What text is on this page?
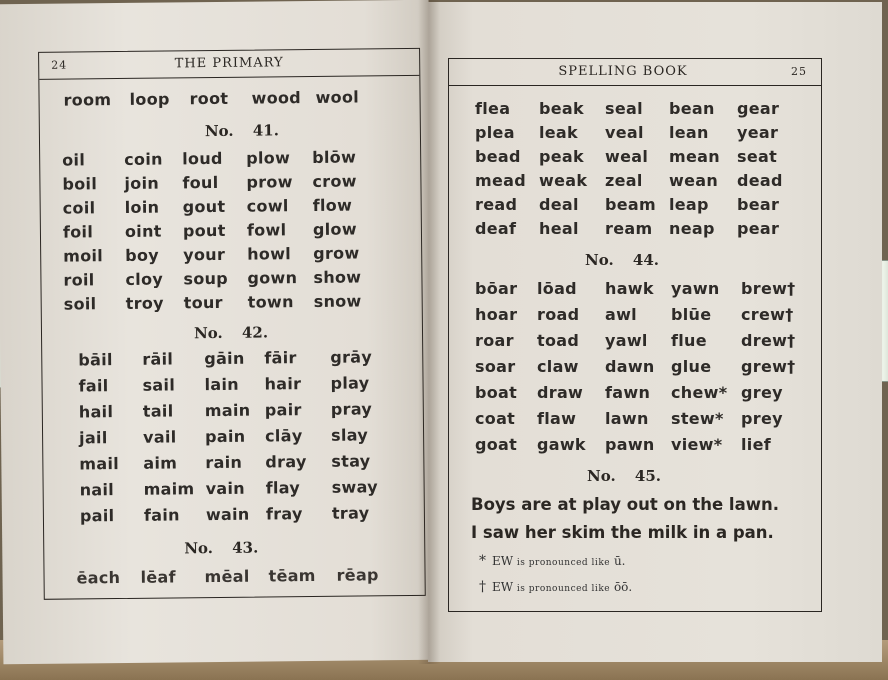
24	THE PRIMARY
room loop root wood wool
No. 41.
oil coin loud plow blōw
boil join foul prow crow
coil loin gout cowl flow
foil oint pout fowl glow
moil boy your howl grow
roil cloy soup gown show
soil troy tour town snow
No. 42.
bāil rāil gāin fāir grāy
fail sail lain hair play
hail tail main pair pray
jail vail pain clāy slay
mail aim rain dray stay
nail maim vain flay sway
pail fain wain fray tray
No. 43.
ēach lēaf mēal tēam rēap
SPELLING BOOK	25
flea beak seal bean gear
plea leak veal lean year
bead peak weal mean seat
mead weak zeal wean dead
read deal beam leap bear
deaf heal ream neap pear
No. 44.
bōar lōad hawk yawn brew†
hoar road awl blūe crew†
roar toad yawl flue drew†
soar claw dawn glue grew†
boat draw fawn chew* grey
coat flaw lawn stew* prey
goat gawk pawn view* lief
No. 45.
Boys are at play out on the lawn.
I saw her skim the milk in a pan.
* EW is pronounced like ū.
† EW is pronounced like ōō.
